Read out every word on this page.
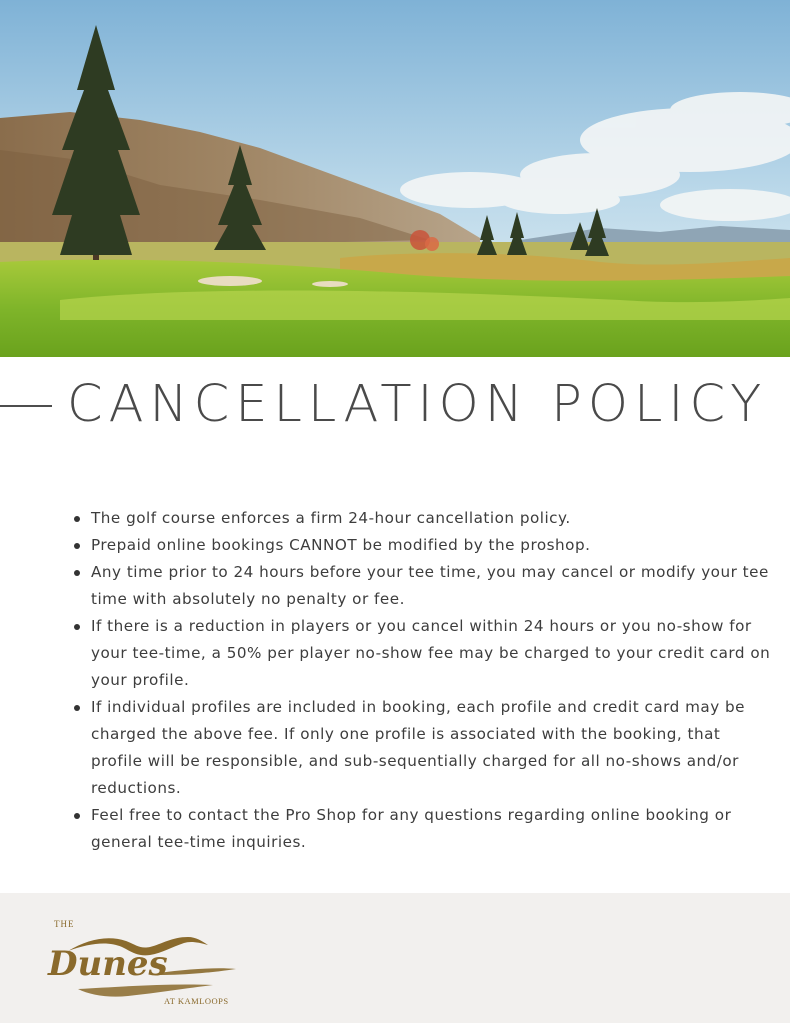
CANCELLATION POLICY
The golf course enforces a firm 24-hour cancellation policy.
Prepaid online bookings CANNOT be modified by the proshop.
Any time prior to 24 hours before your tee time, you may cancel or modify your tee time with absolutely no penalty or fee.
If there is a reduction in players or you cancel within 24 hours or you no-show for your tee-time, a 50% per player no-show fee may be charged to your credit card on your profile.
If individual profiles are included in booking, each profile and credit card may be charged the above fee. If only one profile is associated with the booking, that profile will be responsible, and sub-sequentially charged for all no-shows and/or reductions.
Feel free to contact the Pro Shop for any questions regarding online booking or general tee-time inquiries.
THE
Dunes
AT KAMLOOPS
